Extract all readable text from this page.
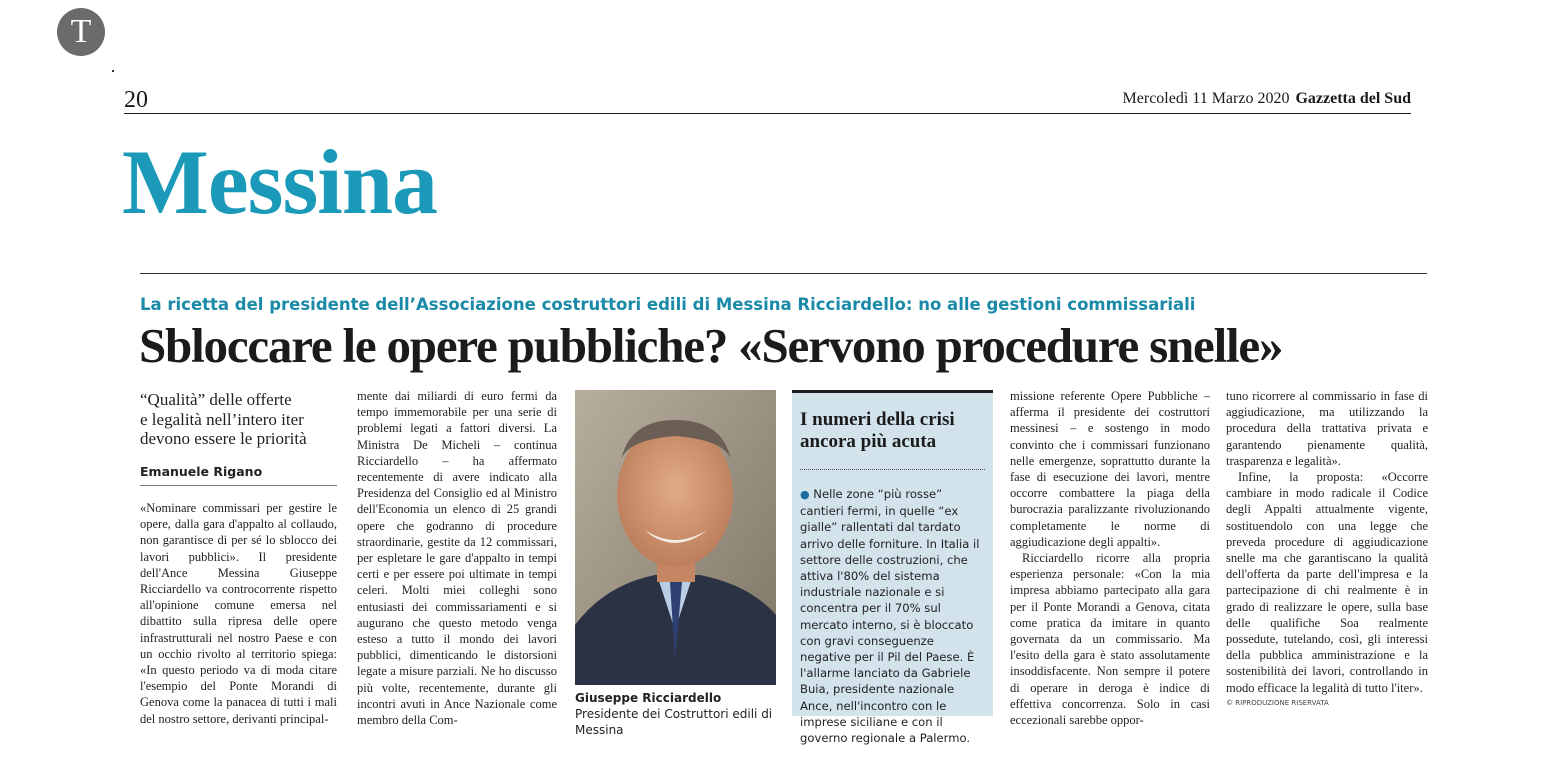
T
20	Mercoledì 11 Marzo 2020 Gazzetta del Sud
Messina
La ricetta del presidente dell’Associazione costruttori edili di Messina Ricciardello: no alle gestioni commissariali
Sbloccare le opere pubbliche? «Servono procedure snelle»
“Qualità” delle offerte
e legalità nell’intero iter
devono essere le priorità
Emanuele Rigano

«Nominare commissari per gestire le opere, dalla gara d'appalto al collaudo, non garantisce di per sé lo sblocco dei lavori pubblici». Il presidente dell'Ance Messina Giuseppe Ricciardello va controcorrente rispetto all'opinione comune emersa nel dibattito sulla ripresa delle opere infrastrutturali nel nostro Paese e con un occhio rivolto al territorio spiega: «In questo periodo va di moda citare l'esempio del Ponte Morandi di Genova come la panacea di tutti i mali del nostro settore, derivanti principal-

mente dai miliardi di euro fermi da tempo immemorabile per una serie di problemi legati a fattori diversi. La Ministra De Micheli – continua Ricciardello – ha affermato recentemente di avere indicato alla Presidenza del Consiglio ed al Ministro dell'Economia un elenco di 25 grandi opere che godranno di procedure straordinarie, gestite da 12 commissari, per espletare le gare d'appalto in tempi certi e per essere poi ultimate in tempi celeri. Molti miei colleghi sono entusiasti dei commissariamenti e si augurano che questo metodo venga esteso a tutto il mondo dei lavori pubblici, dimenticando le distorsioni legate a misure parziali. Ne ho discusso più volte, recentemente, durante gli incontri avuti in Ance Nazionale come membro della Com-

Giuseppe Ricciardello Presidente dei Costruttori edili di Messina
I numeri della crisi ancora più acuta
● Nelle zone “più rosse” cantieri fermi, in quelle “ex gialle” rallentati dal tardato arrivo delle forniture. In Italia il settore delle costruzioni, che attiva l'80% del sistema industriale nazionale e si concentra per il 70% sul mercato interno, si è bloccato con gravi conseguenze negative per il Pil del Paese. È l'allarme lanciato da Gabriele Buia, presidente nazionale Ance, nell'incontro con le imprese siciliane e con il governo regionale a Palermo.

missione referente Opere Pubbliche – afferma il presidente dei costruttori messinesi – e sostengo in modo convinto che i commissari funzionano nelle emergenze, soprattutto durante la fase di esecuzione dei lavori, mentre occorre combattere la piaga della burocrazia paralizzante rivoluzionando completamente le norme di aggiudicazione degli appalti».

Ricciardello ricorre alla propria esperienza personale: «Con la mia impresa abbiamo partecipato alla gara per il Ponte Morandi a Genova, citata come pratica da imitare in quanto governata da un commissario. Ma l'esito della gara è stato assolutamente insoddisfacente. Non sempre il potere di operare in deroga è indice di effettiva concorrenza. Solo in casi eccezionali sarebbe oppor-

tuno ricorrere al commissario in fase di aggiudicazione, ma utilizzando la procedura della trattativa privata e garantendo pienamente qualità, trasparenza e legalità».

Infine, la proposta: «Occorre cambiare in modo radicale il Codice degli Appalti attualmente vigente, sostituendolo con una legge che preveda procedure di aggiudicazione snelle ma che garantiscano la qualità dell'offerta da parte dell'impresa e la partecipazione di chi realmente è in grado di realizzare le opere, sulla base delle qualifiche Soa realmente possedute, tutelando, così, gli interessi della pubblica amministrazione e la sostenibilità dei lavori, controllando in modo efficace la legalità di tutto l'iter».

© RIPRODUZIONE RISERVATA
